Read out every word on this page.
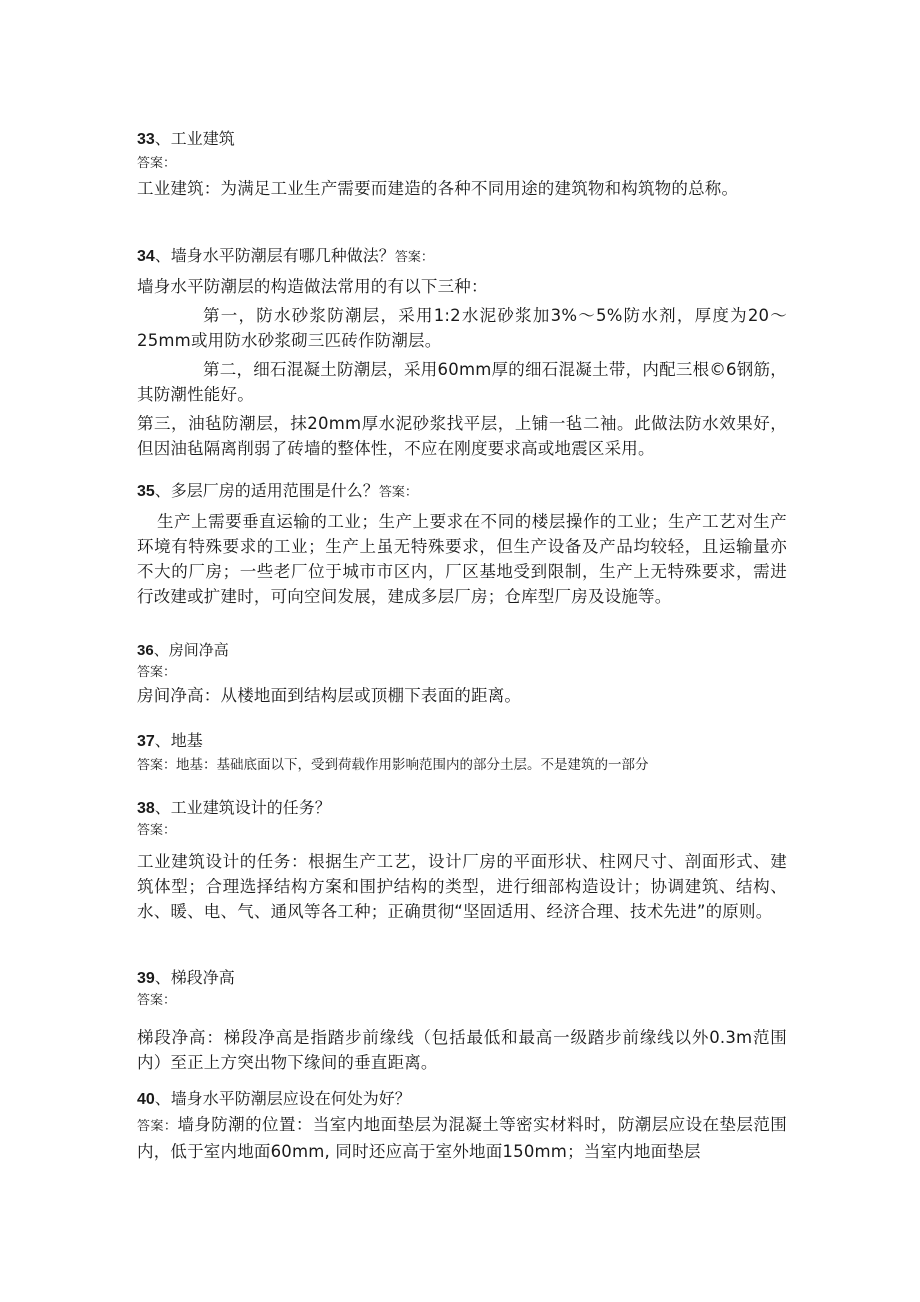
33、工业建筑

答案：

工业建筑：为满足工业生产需要而建造的各种不同用途的建筑物和构筑物的总称。

34、墙身水平防潮层有哪几种做法？答案：

墙身水平防潮层的构造做法常用的有以下三种：

第一，防水砂浆防潮层，采用1:2水泥砂浆加3%～5%防水剂，厚度为20～25mm或用防水砂浆砌三匹砖作防潮层。

第二，细石混凝土防潮层，采用60mm厚的细石混凝土带，内配三根©6钢筋，其防潮性能好。

第三，油毡防潮层，抹20mm厚水泥砂浆找平层，上铺一毡二袖。此做法防水效果好，但因油毡隔离削弱了砖墙的整体性，不应在刚度要求高或地震区采用。

35、多层厂房的适用范围是什么？答案：

生产上需要垂直运输的工业；生产上要求在不同的楼层操作的工业；生产工艺对生产环境有特殊要求的工业；生产上虽无特殊要求，但生产设备及产品均较轻，且运输量亦不大的厂房；一些老厂位于城市市区内，厂区基地受到限制，生产上无特殊要求，需进行改建或扩建时，可向空间发展，建成多层厂房；仓库型厂房及设施等。

36、房间净高

答案：

房间净高：从楼地面到结构层或顶棚下表面的距离。

37、地基

答案：地基：基础底面以下，受到荷载作用影响范围内的部分土层。不是建筑的一部分

38、工业建筑设计的任务？

答案：

工业建筑设计的任务：根据生产工艺，设计厂房的平面形状、柱网尺寸、剖面形式、建筑体型；合理选择结构方案和围护结构的类型，进行细部构造设计；协调建筑、结构、水、暖、电、气、通风等各工种；正确贯彻“坚固适用、经济合理、技术先进”的原则。

39、梯段净高

答案：

梯段净高：梯段净高是指踏步前缘线（包括最低和最高一级踏步前缘线以外0.3m范围内）至正上方突出物下缘间的垂直距离。

40、墙身水平防潮层应设在何处为好？

答案：墙身防潮的位置：当室内地面垫层为混凝土等密实材料时，防潮层应设在垫层范围内，低于室内地面60mm, 同时还应高于室外地面150mm；当室内地面垫层
